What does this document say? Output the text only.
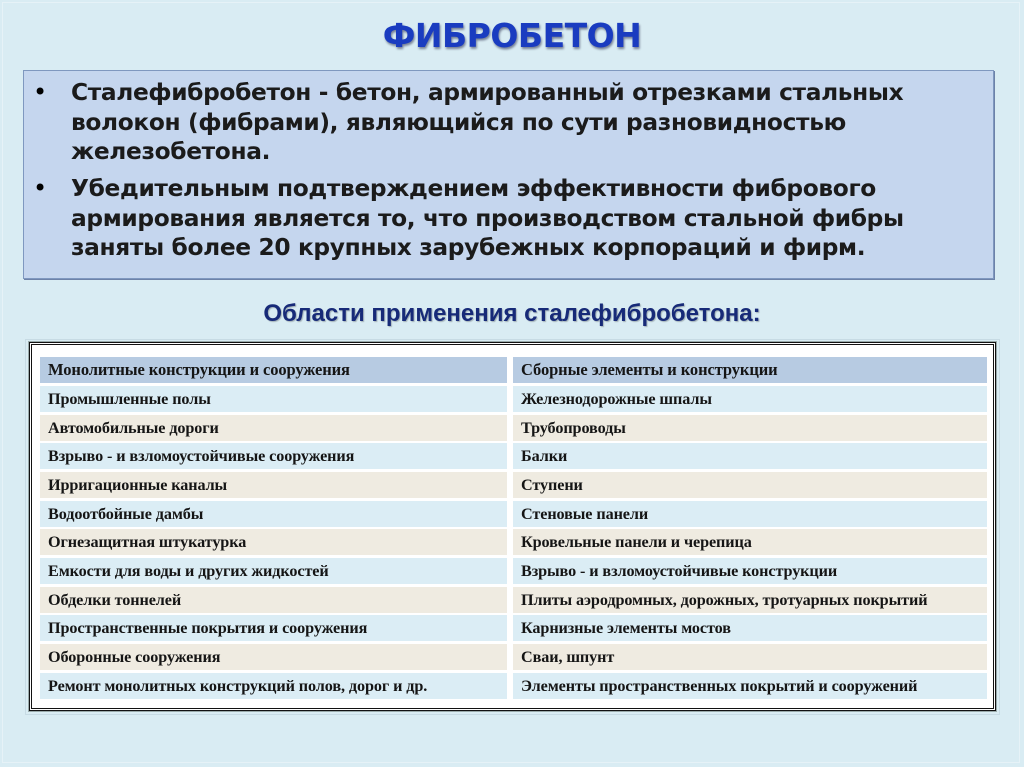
ФИБРОБЕТОН
• Сталефибробетон - бетон, армированный отрезками стальных
волокон (фибрами), являющийся по сути разновидностью
железобетона.
• Убедительным подтверждением эффективности фибрового
армирования является то, что производством стальной фибры
заняты более 20 крупных зарубежных корпораций и фирм.
Области применения сталефибробетона:
Монолитные конструкции и сооружения	Сборные элементы и конструкции
Промышленные полы	Железнодорожные шпалы
Автомобильные дороги	Трубопроводы
Взрыво - и взломоустойчивые сооружения	Балки
Ирригационные каналы	Ступени
Водоотбойные дамбы	Стеновые панели
Огнезащитная штукатурка	Кровельные панели и черепица
Емкости для воды и других жидкостей	Взрыво - и взломоустойчивые конструкции
Обделки тоннелей	Плиты аэродромных, дорожных, тротуарных покрытий
Пространственные покрытия и сооружения	Карнизные элементы мостов
Оборонные сооружения	Сваи, шпунт
Ремонт монолитных конструкций полов, дорог и др.	Элементы пространственных покрытий и сооружений
